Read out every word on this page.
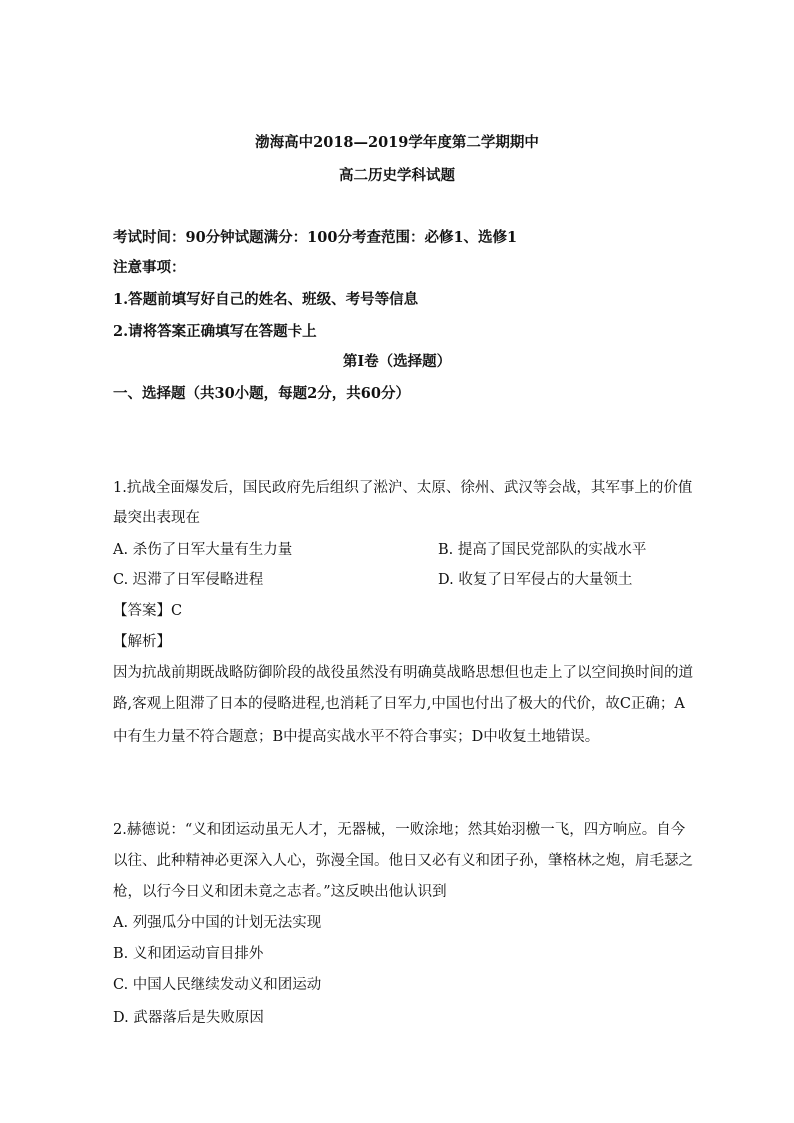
渤海高中2018—2019学年度第二学期期中
高二历史学科试题
考试时间：90分钟试题满分：100分考查范围：必修1、选修1
注意事项：
1.答题前填写好自己的姓名、班级、考号等信息
2.请将答案正确填写在答题卡上
第I卷（选择题）
一、选择题（共30小题，每题2分，共60分）
1.抗战全面爆发后，国民政府先后组织了淞沪、太原、徐州、武汉等会战，其军事上的价值
最突出表现在
A. 杀伤了日军大量有生力量	B. 提高了国民党部队的实战水平
C. 迟滞了日军侵略进程	D. 收复了日军侵占的大量领土
【答案】C
【解析】
因为抗战前期既战略防御阶段的战役虽然没有明确莫战略思想但也走上了以空间换时间的道
路,客观上阻滞了日本的侵略进程,也消耗了日军力,中国也付出了极大的代价，故C正确；A
中有生力量不符合题意；B中提高实战水平不符合事实；D中收复土地错误。
2.赫德说：“义和团运动虽无人才，无器械，一败涂地；然其始羽檄一飞，四方响应。自今
以往、此种精神必更深入人心，弥漫全国。他日又必有义和团子孙，肇格林之炮，肩毛瑟之
枪，以行今日义和团未竟之志者。”这反映出他认识到
A. 列强瓜分中国的计划无法实现
B. 义和团运动盲目排外
C. 中国人民继续发动义和团运动
D. 武器落后是失败原因
